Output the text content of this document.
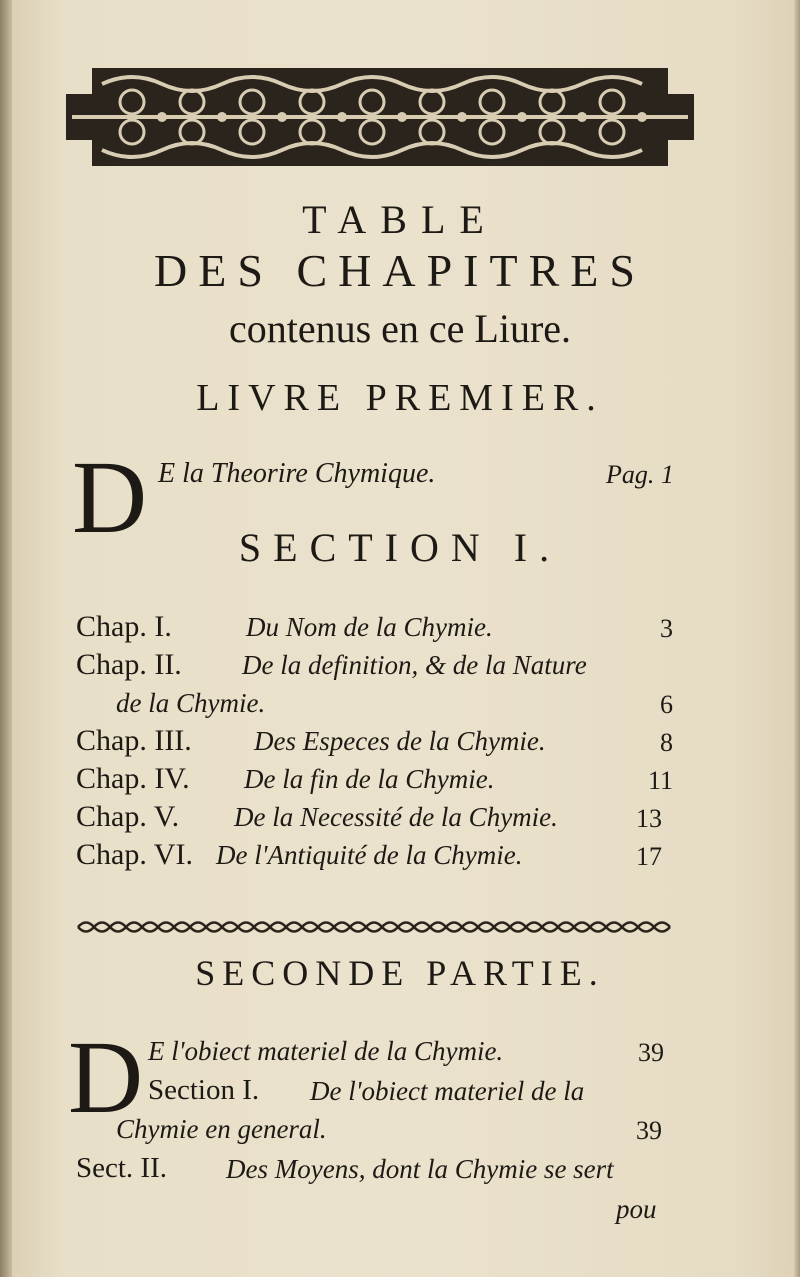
TABLE
DES CHAPITRES
contenus en ce Liure.
LIVRE PREMIER.
D E la Theorire Chymique.	Pag. 1
SECTION I.
Chap. I.	Du Nom de la Chymie.	3
Chap. II. De la definition, & de la Nature
de la Chymie.	6
Chap. III. Des Especes de la Chymie.	8
Chap. IV. De la fin de la Chymie.	11
Chap. V. De la Necessité de la Chymie.	13
Chap. VI. De l'Antiquité de la Chymie.	17
SECONDE PARTIE.
D E l'obiect materiel de la Chymie.	39
Section I. De l'obiect materiel de la
Chymie en general.	39
Sect. II. Des Moyens, dont la Chymie se sert
pou
